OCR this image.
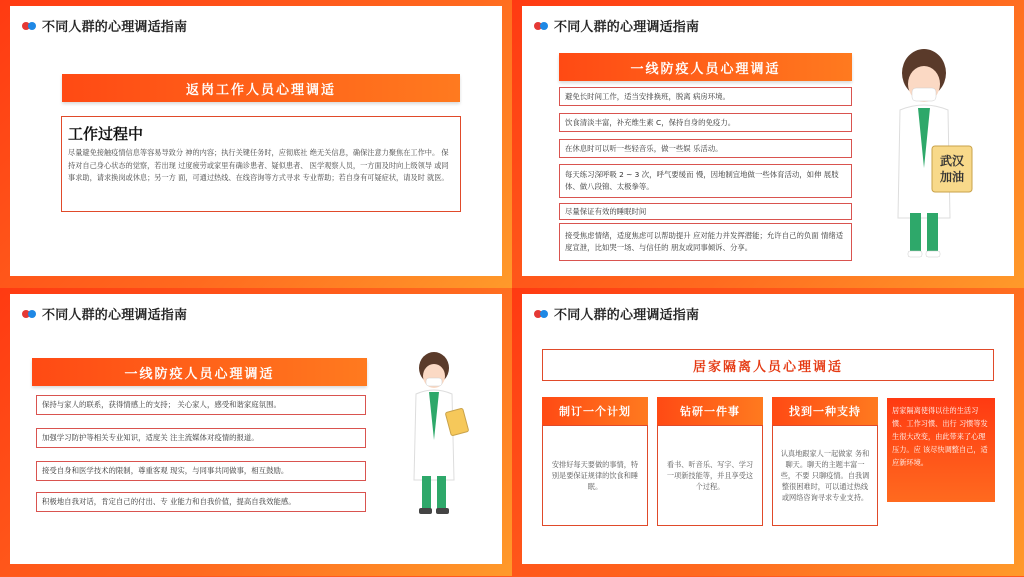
不同人群的心理调适指南
返岗工作人员心理调适
工作过程中
尽量避免接触疫情信息等容易导致分 神的内容；执行关键任务时，应彻底社 绝无关信息，确保注意力聚焦在工作中。 保持对自己身心状态的觉察，若出现 过度疲劳或家里有确诊患者、疑似患者、 医学观察人员，一方面及时向上级领导 或同事求助，请求换岗或休息；另一方 面，可通过热线、在线咨询等方式寻求 专业帮助；若自身有可疑症状，请及时 就医。
不同人群的心理调适指南
一线防疫人员心理调适
避免长时间工作，适当安排换班，脱离 病房环境。
饮食清淡丰富，补充维生素 C，保持自身的免疫力。
在休息时可以听一些轻音乐，做一些娱 乐活动。
每天练习深呼吸 2 ~ 3 次，呼气要缓而 慢，因地制宜地做一些体育活动，如伸 展肢体、做八段锦、太极拳等。
尽量保证有效的睡眠时间
接受焦虑情绪，适度焦虑可以帮助提升 应对能力并发挥潜能；允许自己的负面 情绪适度宣泄，比如哭一场、与信任的 朋友或同事倾诉、分享。
武汉
加油
不同人群的心理调适指南
一线防疫人员心理调适
保持与家人的联系，获得情感上的支持； 关心家人，感受和谐家庭氛围。
加强学习防护等相关专业知识，适度关 注主流媒体对疫情的报道。
接受自身和医学技术的限制，尊重客观 现实，与同事共同做事，相互鼓励。
积极地自我对话，肯定自己的付出、专 业能力和自我价值，提高自我效能感。
不同人群的心理调适指南
居家隔离人员心理调适
制订一个计划
安排好每天要做的事情，特别是要保证规律的饮食和睡眠。
钻研一件事
看书、听音乐、写字、学习一项新技能等，并且享受这个过程。
找到一种支持
认真地跟家人一起做家 务和聊天。聊天的主题丰富一些，不要 只聊疫情。自我调整很困难时，可以通过热线或网络咨询寻求专业支持。
居家隔离使得以往的生活习惯、工作习惯、出行 习惯等发生很大改变，由此带来了心理压力。应 该尽快调整自己，适应新环境。
